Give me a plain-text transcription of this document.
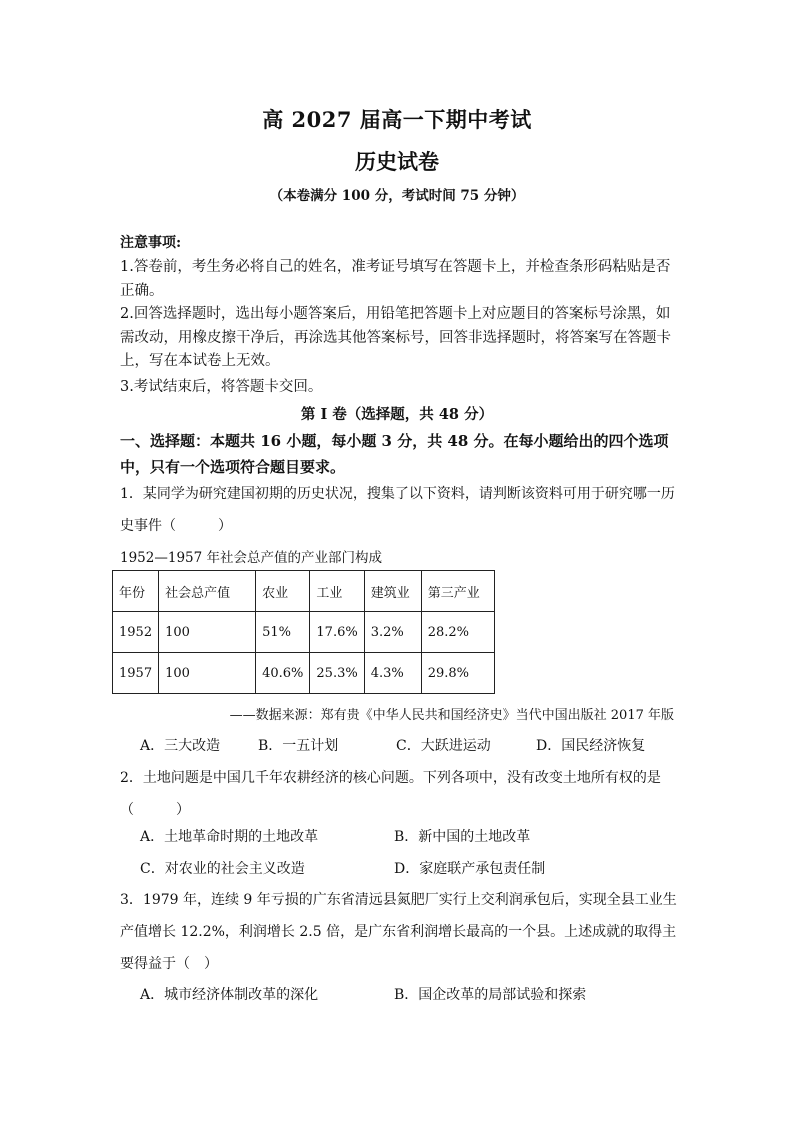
高 2027 届高一下期中考试
历史试卷
（本卷满分 100 分，考试时间 75 分钟）
注意事项:
1.答卷前，考生务必将自己的姓名，准考证号填写在答题卡上，并检查条形码粘贴是否正确。
2.回答选择题时，选出每小题答案后，用铅笔把答题卡上对应题目的答案标号涂黑，如需改动，用橡皮擦干净后，再涂选其他答案标号，回答非选择题时，将答案写在答题卡上，写在本试卷上无效。
3.考试结束后，将答题卡交回。
第 I 卷（选择题，共 48 分）
一、选择题：本题共 16 小题，每小题 3 分，共 48 分。在每小题给出的四个选项中，只有一个选项符合题目要求。
1．某同学为研究建国初期的历史状况，搜集了以下资料，请判断该资料可用于研究哪一历史事件（　　　）
1952—1957 年社会总产值的产业部门构成
年份	社会总产值	农业	工业	建筑业	第三产业
1952	100	51%	17.6%	3.2%	28.2%
1957	100	40.6%	25.3%	4.3%	29.8%
——数据来源：郑有贵《中华人民共和国经济史》当代中国出版社 2017 年版
A．三大改造	B．一五计划	C．大跃进运动	D．国民经济恢复
2．土地问题是中国几千年农耕经济的核心问题。下列各项中，没有改变土地所有权的是（　　　）
A．土地革命时期的土地改革	B．新中国的土地改革
C．对农业的社会主义改造	D．家庭联产承包责任制
3．1979 年，连续 9 年亏损的广东省清远县氮肥厂实行上交利润承包后，实现全县工业生产值增长 12.2%，利润增长 2.5 倍，是广东省利润增长最高的一个县。上述成就的取得主要得益于（　）
A．城市经济体制改革的深化	B．国企改革的局部试验和探索
